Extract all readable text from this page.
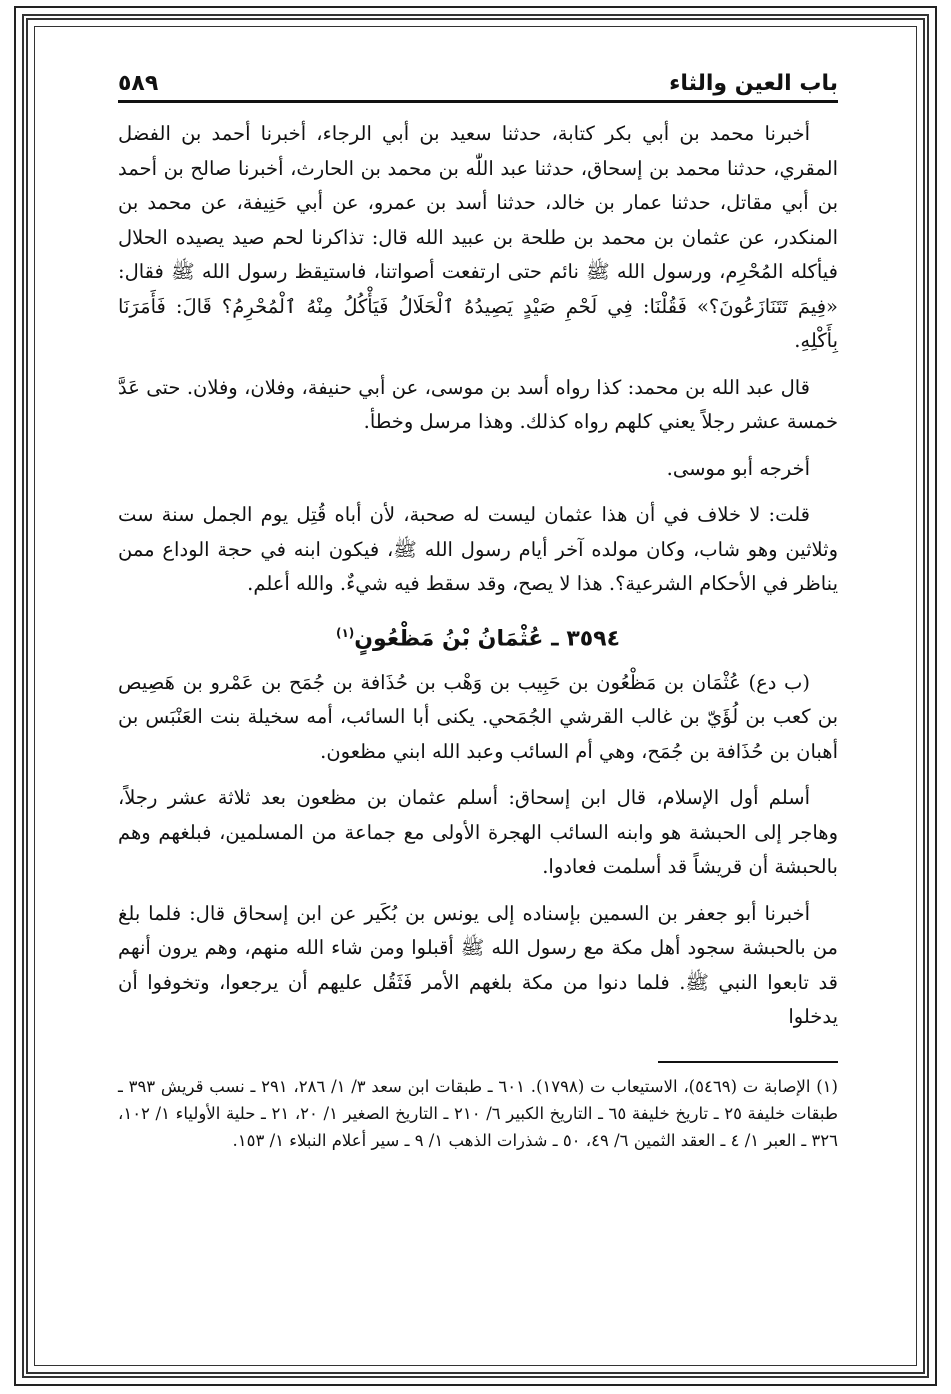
باب العين والثاء
٥٨٩

أخبرنا محمد بن أبي بكر كتابة، حدثنا سعيد بن أبي الرجاء، أخبرنا أحمد بن الفضل المقري، حدثنا محمد بن إسحاق، حدثنا عبد اللّٰه بن محمد بن الحارث، أخبرنا صالح بن أحمد بن أبي مقاتل، حدثنا عمار بن خالد، حدثنا أسد بن عمرو، عن أبي حَنِيفة، عن محمد بن المنكدر، عن عثمان بن محمد بن طلحة بن عبيد الله قال: تذاكرنا لحم صيد يصيده الحلال فيأكله المُحْرِم، ورسول الله ﷺ نائم حتى ارتفعت أصواتنا، فاستيقظ رسول الله ﷺ فقال: «فِيمَ تَتَنَازَعُونَ؟» فَقُلْنَا: فِي لَحْمِ صَيْدٍ يَصِيدُهُ ٱلْحَلَالُ فَيَأْكُلُ مِنْهُ ٱلْمُحْرِمُ؟ قَالَ: فَأَمَرَنَا بِأَكْلِهِ.

قال عبد الله بن محمد: كذا رواه أسد بن موسى، عن أبي حنيفة، وفلان، وفلان. حتى عَدَّ خمسة عشر رجلاً يعني كلهم رواه كذلك. وهذا مرسل وخطأ.

أخرجه أبو موسى.

قلت: لا خلاف في أن هذا عثمان ليست له صحبة، لأن أباه قُتِل يوم الجمل سنة ست وثلاثين وهو شاب، وكان مولده آخر أيام رسول الله ﷺ، فيكون ابنه في حجة الوداع ممن يناظر في الأحكام الشرعية؟. هذا لا يصح، وقد سقط فيه شيءٌ. والله أعلم.

٣٥٩٤ ـ عُثْمَانُ بْنُ مَظْعُونٍ$^{(١)}$

(ب دع) عُثْمَان بن مَظْعُون بن حَبِيب بن وَهْب بن حُذَافة بن جُمَح بن عَمْرو بن هَصِيص بن كعب بن لُؤَيّ بن غالب القرشي الجُمَحي. يكنى أبا السائب، أمه سخيلة بنت العَنْبَس بن أهبان بن حُذَافة بن جُمَح، وهي أم السائب وعبد الله ابني مظعون.

أسلم أول الإسلام، قال ابن إسحاق: أسلم عثمان بن مظعون بعد ثلاثة عشر رجلاً، وهاجر إلى الحبشة هو وابنه السائب الهجرة الأولى مع جماعة من المسلمين، فبلغهم وهم بالحبشة أن قريشاً قد أسلمت فعادوا.

أخبرنا أبو جعفر بن السمين بإسناده إلى يونس بن بُكَير عن ابن إسحاق قال: فلما بلغ من بالحبشة سجود أهل مكة مع رسول الله ﷺ أقبلوا ومن شاء الله منهم، وهم يرون أنهم قد تابعوا النبي ﷺ. فلما دنوا من مكة بلغهم الأمر فَثَقُل عليهم أن يرجعوا، وتخوفوا أن يدخلوا

(١) الإصابة ت (٥٤٦٩)، الاستيعاب ت (١٧٩٨). ٦٠١ ـ طبقات ابن سعد ٣/ ١/ ٢٨٦، ٢٩١ ـ نسب قريش ٣٩٣ ـ طبقات خليفة ٢٥ ـ تاريخ خليفة ٦٥ ـ التاريخ الكبير ٦/ ٢١٠ ـ التاريخ الصغير ١/ ٢٠، ٢١ ـ حلية الأولياء ١/ ١٠٢، ٣٢٦ ـ العبر ١/ ٤ ـ العقد الثمين ٦/ ٤٩، ٥٠ ـ شذرات الذهب ١/ ٩ ـ سير أعلام النبلاء ١/ ١٥٣.
